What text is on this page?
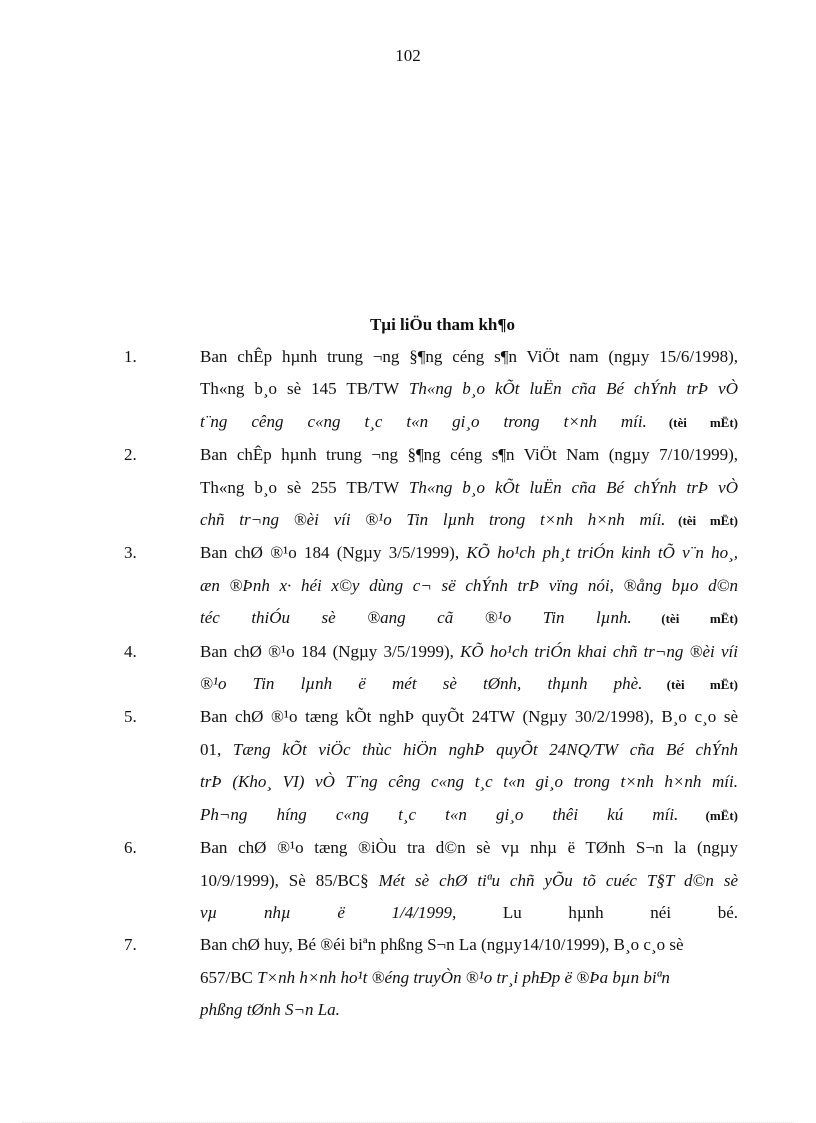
102
Tµi liÖu tham kh¶o
1.	Ban chÊp hµnh trung ¬ng §¶ng céng s¶n ViÖt nam (ngµy 15/6/1998),
Th«ng b¸o sè 145 TB/TW Th«ng b¸o kÕt luËn cña Bé chÝnh trÞ vÒ
t¨ng cêng c«ng t¸c t«n gi¸o trong t×nh míi. (tèi mËt)
2.	Ban chÊp hµnh trung ¬ng §¶ng céng s¶n ViÖt Nam (ngµy 7/10/1999),
Th«ng b¸o sè 255 TB/TW Th«ng b¸o kÕt luËn cña Bé chÝnh trÞ vÒ
chñ tr¬ng ®èi víi ®¹o Tin lµnh trong t×nh h×nh míi. (tèi mËt)
3.	Ban chØ ®¹o 184 (Ngµy 3/5/1999), KÕ ho¹ch ph¸t triÓn kinh tÕ v¨n ho¸,
æn ®Þnh x· héi x©y dùng c¬ së chÝnh trÞ vïng nói, ®ång bµo d©n
téc thiÓu sè ®ang cã ®¹o Tin lµnh. (tèi mËt)
4.	Ban chØ ®¹o 184 (Ngµy 3/5/1999), KÕ ho¹ch triÓn khai chñ tr¬ng ®èi víi
®¹o Tin lµnh ë mét sè tØnh, thµnh phè. (tèi mËt)
5.	Ban chØ ®¹o tæng kÕt nghÞ quyÕt 24TW (Ngµy 30/2/1998), B¸o c¸o sè
01, Tæng kÕt viÖc thùc hiÖn nghÞ quyÕt 24NQ/TW cña Bé chÝnh
trÞ (Kho¸ VI) vÒ T¨ng cêng c«ng t¸c t«n gi¸o trong t×nh h×nh míi.
Ph¬ng híng c«ng t¸c t«n gi¸o thêi kú míi. (mËt)
6.	Ban chØ ®¹o tæng ®iÒu tra d©n sè vµ nhµ ë TØnh S¬n la (ngµy
10/9/1999), Sè 85/BC§ Mét sè chØ tiªu chñ yÕu tõ cuéc T§T d©n sè
vµ nhµ ë 1/4/1999, Lu hµnh néi bé.
7.	Ban chØ huy, Bé ®éi biªn phßng S¬n La (ngµy14/10/1999), B¸o c¸o sè
657/BC T×nh h×nh ho¹t ®éng truyÒn ®¹o tr¸i phÐp ë ®Þa bµn biªn
phßng tØnh S¬n La.
